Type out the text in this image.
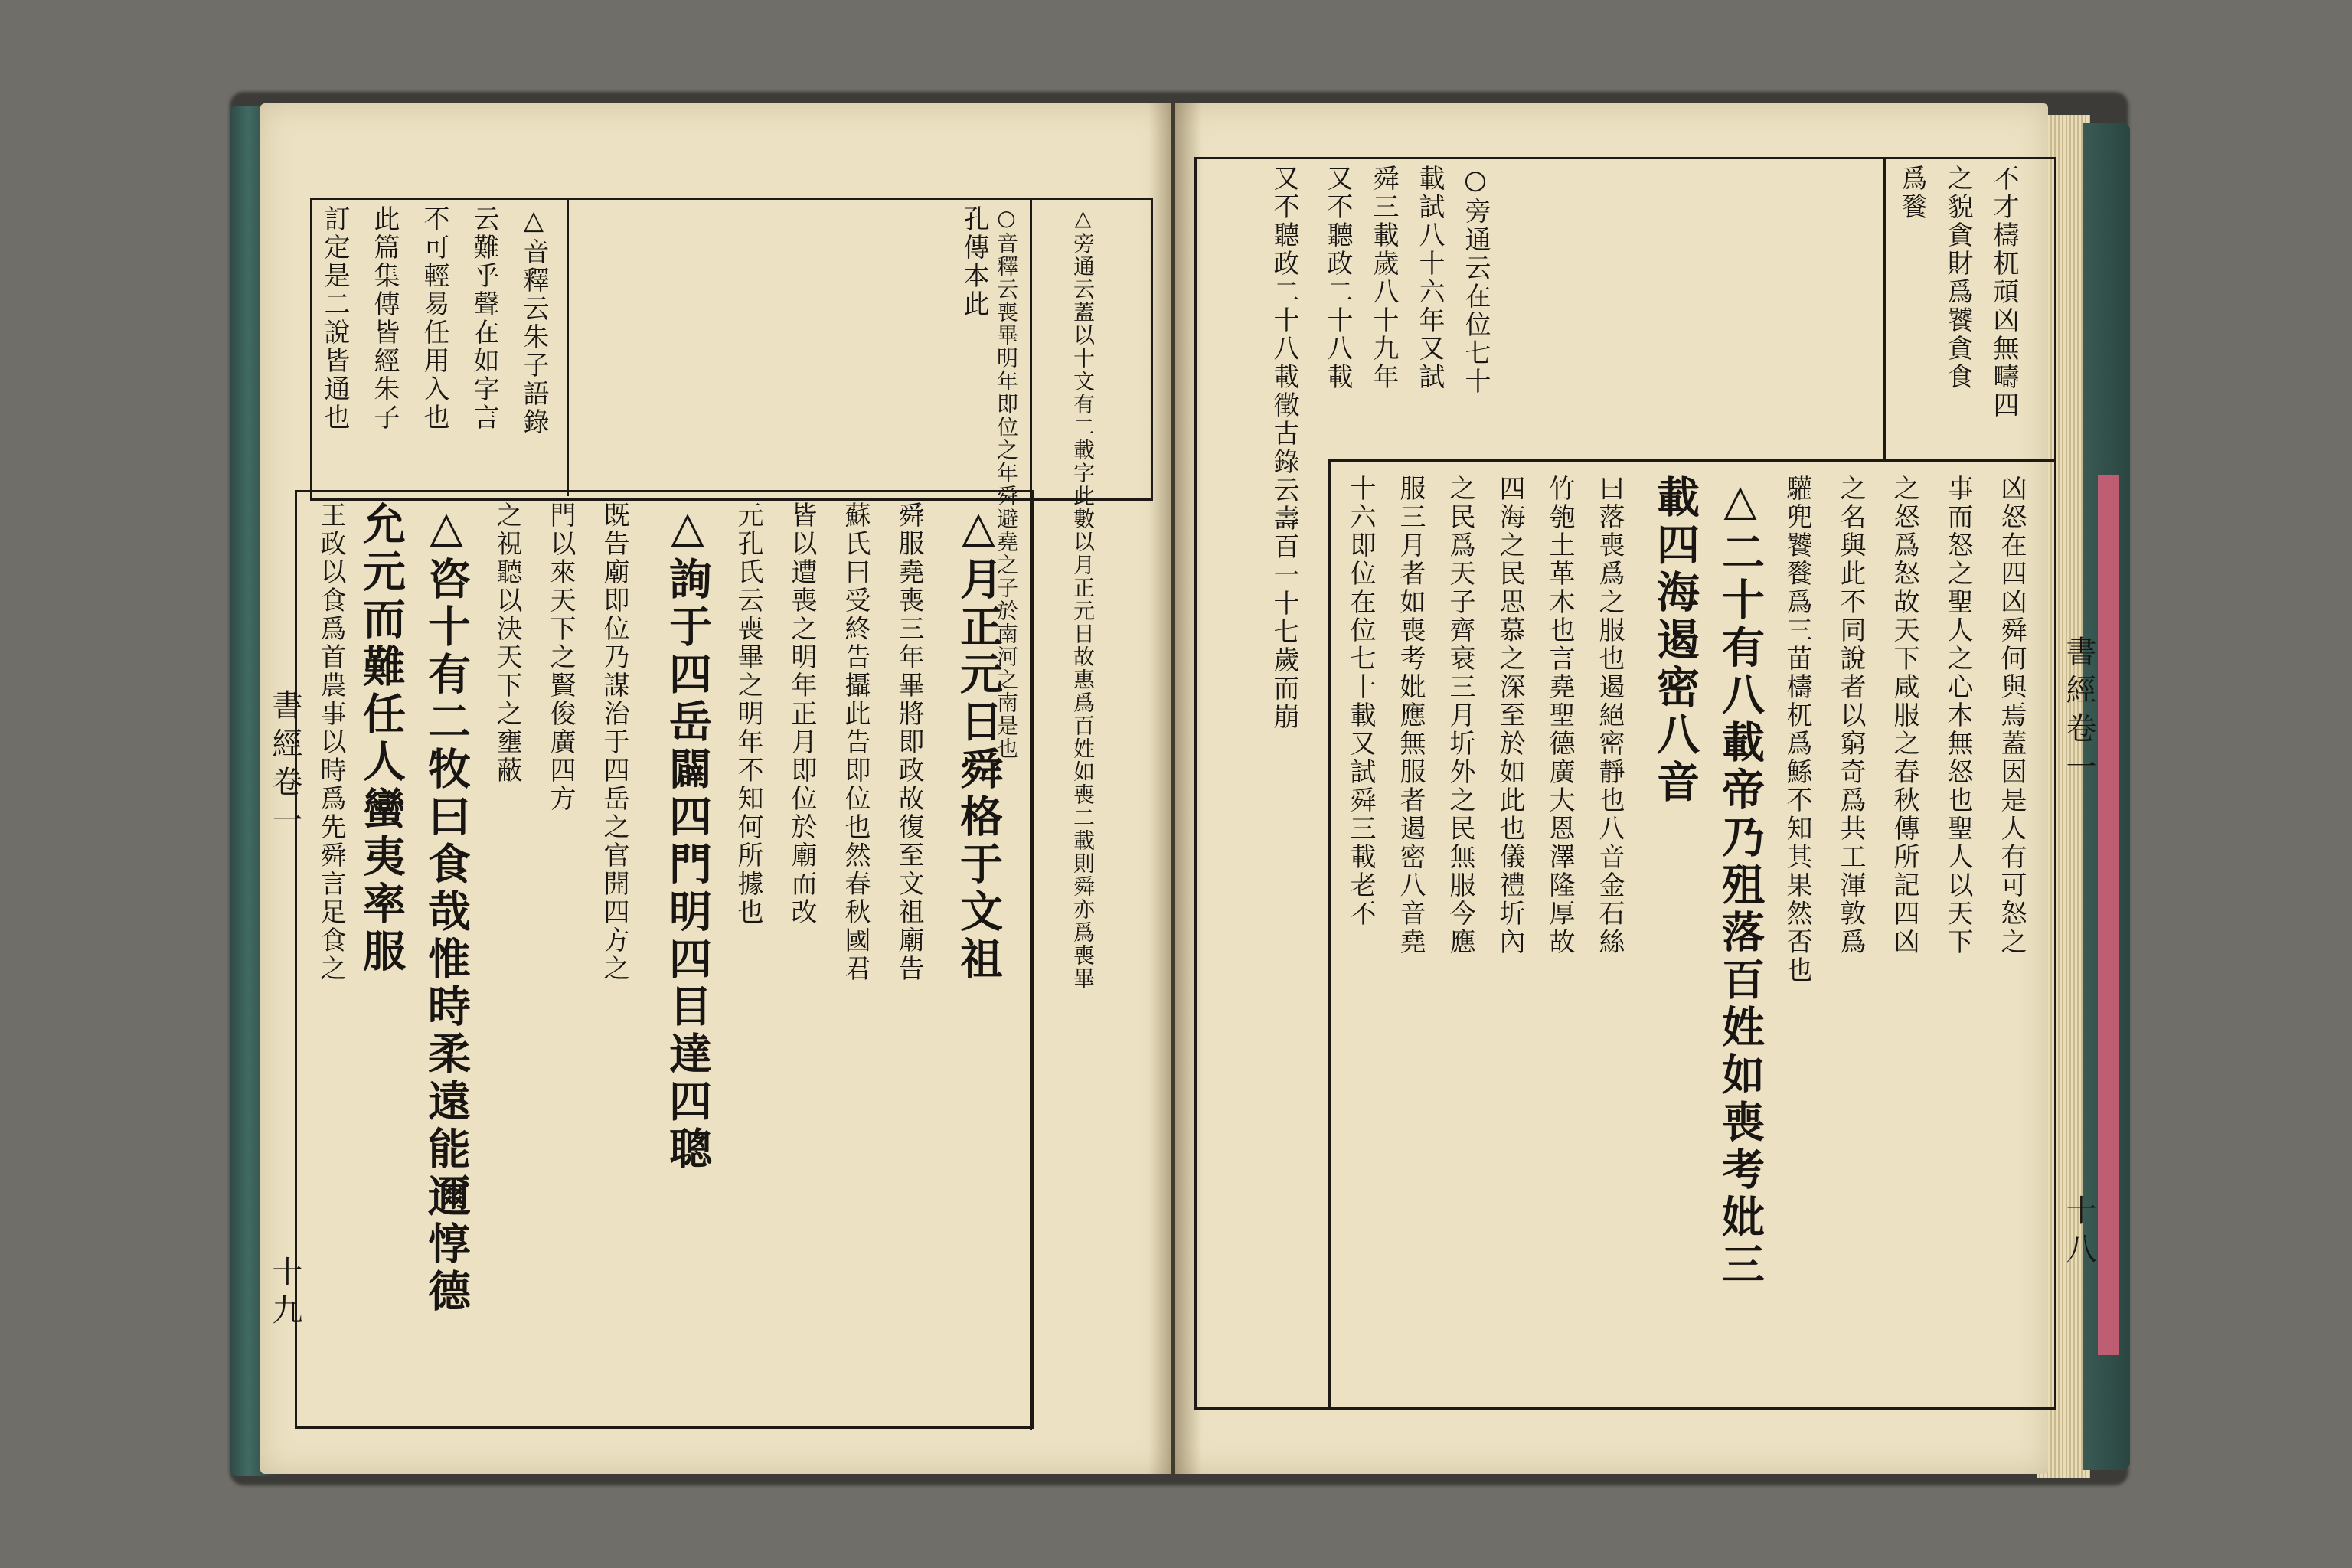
書經卷一
十九
訂定是二說皆通也 此篇集傳皆經朱子 不可輕易任用入也 云難乎聲在如字言 △音釋云朱子語錄	孔傳本此 ○音釋云喪畢明年即位之年舜避堯之子於南河之南是也 △旁通云蓋以十文有二載字此數以月正元日故惠爲百姓如喪二載則舜亦爲喪畢
王政以食爲首農事以時爲先舜言足食之 允元而難任人蠻夷率服 △咨十有二牧曰食哉惟時柔遠能邇惇德 之視聽以決天下之壅蔽 門以來天下之賢俊廣四方 既告廟即位乃謀治于四岳之官開四方之 △詢于四岳闢四門明四目達四聰 元孔氏云喪畢之明年不知何所據也 皆以遭喪之明年正月即位於廟而改 蘇氏曰受終告攝此告即位也然春秋國君 舜服堯喪三年畢將即政故復至文祖廟告 △月正元日舜格于文祖	書經卷一
十八
爲餮 之貌貪財爲饕貪食 不才檮杌頑凶無疇四
又不聽政二十八載徵古錄云壽百一十七歲而崩 又不聽政二十八載 舜三載歲八十九年 載試八十六年又試 ○旁通云在位七十
驩兜饕餮爲三苗檮杌爲鯀不知其果然否也 之名與此不同說者以窮奇爲共工渾敦爲 之怒爲怒故天下咸服之春秋傳所記四凶 事而怒之聖人之心本無怒也聖人以天下 凶怒在四凶舜何與焉蓋因是人有可怒之
十六即位在位七十載又試舜三載老不 服三月者如喪考妣應無服者遏密八音堯 之民爲天子齊衰三月圻外之民無服今應 四海之民思慕之深至於如此也儀禮圻內 竹匏土革木也言堯聖德廣大恩澤隆厚故 曰落喪爲之服也遏絕密靜也八音金石絲 載四海遏密八音 △二十有八載帝乃殂落百姓如喪考妣三
